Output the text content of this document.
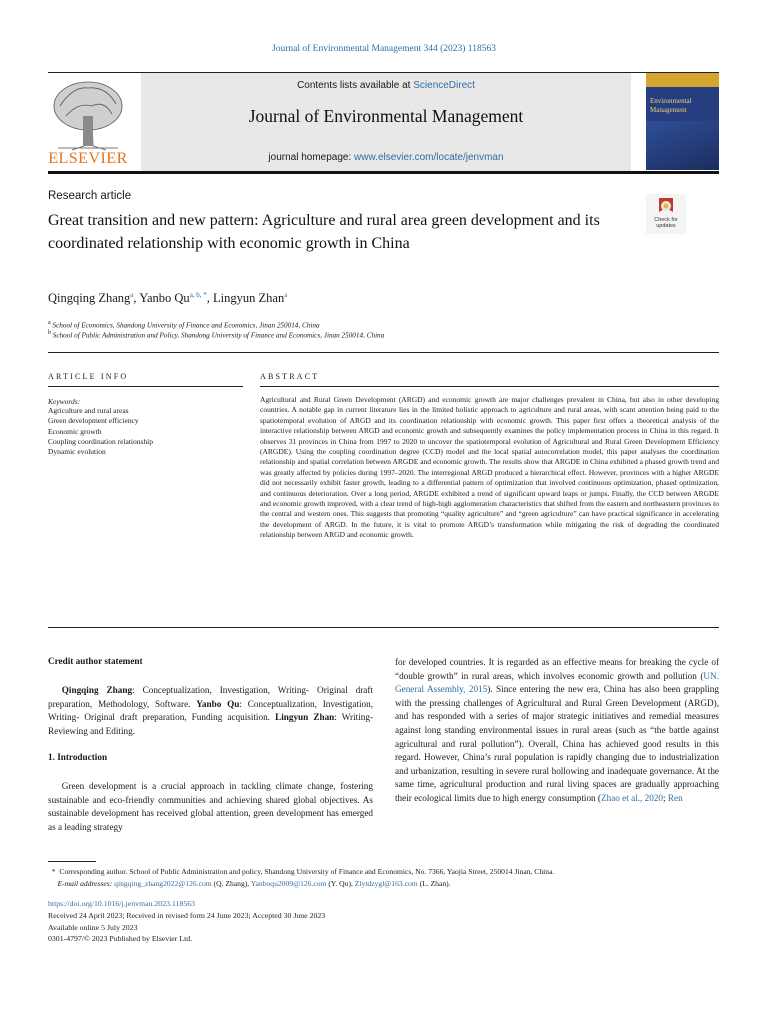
Journal of Environmental Management 344 (2023) 118563
ELSEVIER
Contents lists available at ScienceDirect
Journal of Environmental Management
journal homepage: www.elsevier.com/locate/jenvman
Environmental
Management
Research article
Check for
updates
Great transition and new pattern: Agriculture and rural area green development and its coordinated relationship with economic growth in China
Qingqing Zhang$^a$, Yanbo $Qu^{a, b, *}$, Lingyun Zhan$^a$
$^a$ School of Economics, Shandong University of Finance and Economics, Jinan 250014, China
$^b$ School of Public Administration and Policy, Shandong University of Finance and Economics, Jinan 250014, China
ARTICLE INFO
Keywords:
Agriculture and rural areas
Green development efficiency
Economic growth
Coupling coordination relationship
Dynamic evolution
ABSTRACT
Agricultural and Rural Green Development (ARGD) and economic growth are major challenges prevalent in China, but also in other developing countries. A notable gap in current literature lies in the limited holistic approach to agriculture and rural areas, with scant attention being paid to the spatiotemporal evolution of ARGD and its coordination relationship with economic growth. This paper first offers a theoretical analysis of the interactive relationship between ARGD and economic growth and subsequently examines the policy implementation process in China in this regard. It observes 31 provinces in China from 1997 to 2020 to uncover the spatiotemporal evolution of Agricultural and Rural Green Development Efficiency (ARGDE). Using the coupling coordination degree (CCD) model and the local spatial autocorrelation model, this paper analyses the coordination relationship and spatial correlation between ARGDE and economic growth. The results show that ARGDE in China exhibited a phased growth trend and was greatly affected by policies during 1997–2020. The interregional ARGD produced a hierarchical effect. However, provinces with a higher ARGDE did not necessarily exhibit faster growth, leading to a differential pattern of optimization that involved continuous optimization, phased optimization, and continuous deterioration. Over a long period, ARGDE exhibited a trend of significant upward leaps or jumps. Finally, the CCD between ARGDE and economic growth improved, with a clear trend of high-high agglomeration characteristics that shifted from the eastern and northeastern provinces to the central and western ones. This suggests that promoting “quality agriculture” and “green agriculture” can have practical significance in accelerating the development of ARGD. In the future, it is vital to promote ARGD’s transformation while mitigating the risk of degrading the coordinated relationship between ARGD and economic growth.
Credit author statement
  Qingqing Zhang: Conceptualization, Investigation, Writing- Original draft preparation, Methodology, Software. Yanbo Qu: Conceptualization, Investigation, Writing- Original draft preparation, Funding acquisition. Lingyun Zhan: Writing- Reviewing and Editing.
1. Introduction
  Green development is a crucial approach in tackling climate change, fostering sustainable and eco-friendly communities and achieving shared global objectives. As sustainable development has received global attention, green development has emerged as a leading strategy
for developed countries. It is regarded as an effective means for breaking the cycle of “double growth” in rural areas, which involves economic growth and pollution (UN. General Assembly, 2015). Since entering the new era, China has also been grappling with the pressing challenges of Agricultural and Rural Green Development (ARGD), and has responded with a series of major strategic initiatives and remedial measures against long standing environmental issues in rural areas (such as “the battle against agricultural and rural pollution”). Overall, China has achieved good results in this regard. However, China’s rural population is rapidly changing due to industrialization and urbanization, resulting in severe rural hollowing and inadequate governance. At the same time, agricultural production and rural living spaces are gradually approaching their ecological limits due to high energy consumption (Zhao et al., 2020; Ren
 *  Corresponding author. School of Public Administration and policy, Shandong University of Finance and Economics, No. 7366, Yaojia Street, 250014 Jinan, China.
  E-mail addresses: qingqing_zhang2022@126.com (Q. Zhang), Yanboqu2009@126.com (Y. Qu), Zlytdzygl@163.com (L. Zhan).
https://doi.org/10.1016/j.jenvman.2023.118563
Received 24 April 2023; Received in revised form 24 June 2023; Accepted 30 June 2023
Available online 5 July 2023
0301-4797/© 2023 Published by Elsevier Ltd.
